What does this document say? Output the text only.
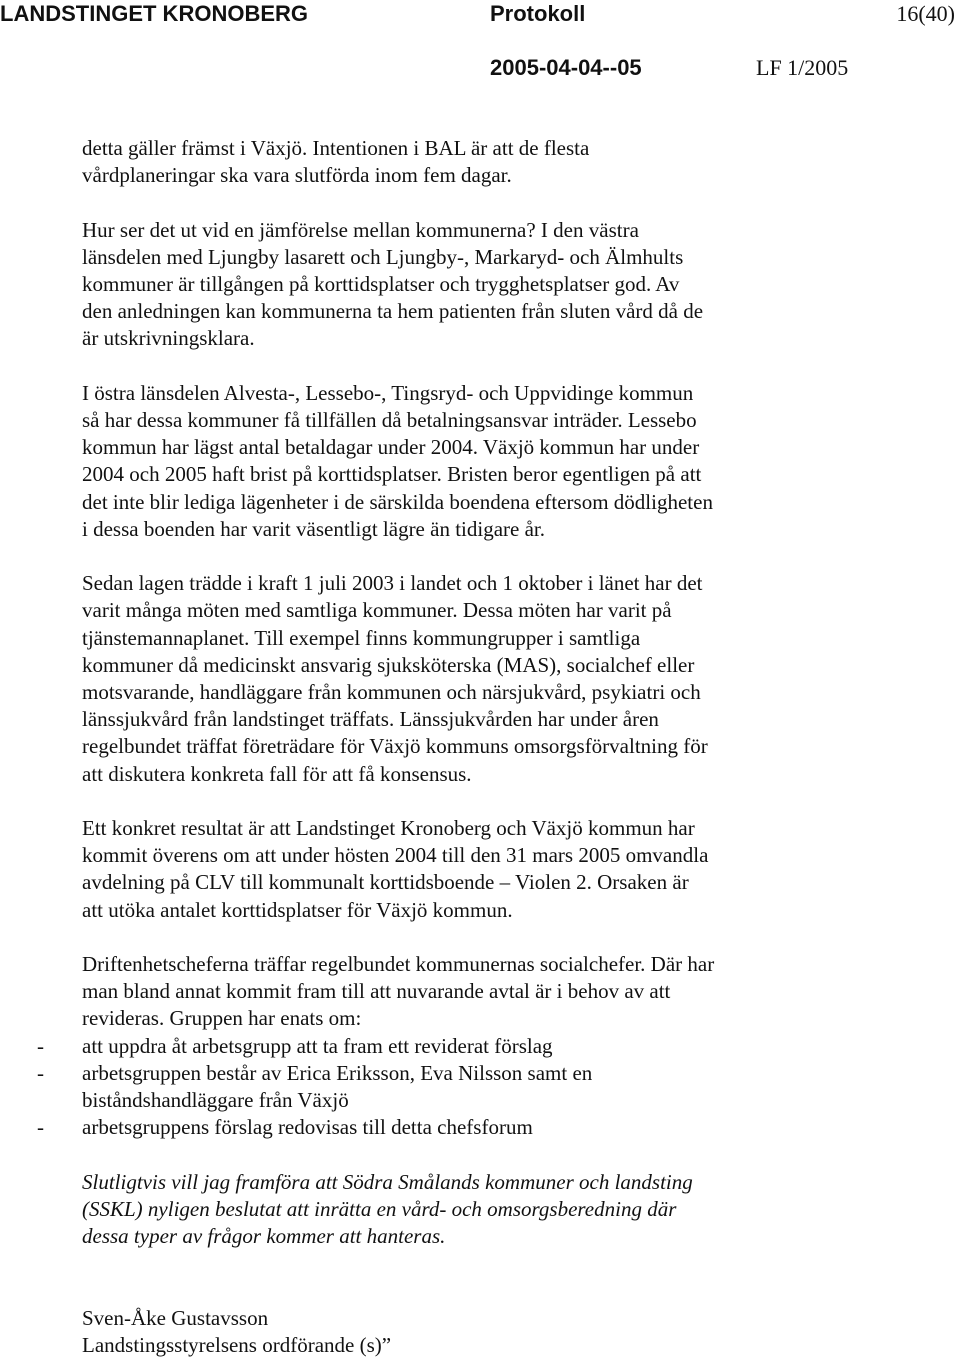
LANDSTINGET KRONOBERG	Protokoll	16(40)
2005-04-04--05	LF 1/2005

detta gäller främst i Växjö. Intentionen i BAL är att de flesta
vårdplaneringar ska vara slutförda inom fem dagar.

Hur ser det ut vid en jämförelse mellan kommunerna? I den västra
länsdelen med Ljungby lasarett och Ljungby-, Markaryd- och Älmhults
kommuner är tillgången på korttidsplatser och trygghetsplatser god. Av
den anledningen kan kommunerna ta hem patienten från sluten vård då de
är utskrivningsklara.

I östra länsdelen Alvesta-, Lessebo-, Tingsryd- och Uppvidinge kommun
så har dessa kommuner få tillfällen då betalningsansvar inträder. Lessebo
kommun har lägst antal betaldagar under 2004. Växjö kommun har under
2004 och 2005 haft brist på korttidsplatser. Bristen beror egentligen på att
det inte blir lediga lägenheter i de särskilda boendena eftersom dödligheten
i dessa boenden har varit väsentligt lägre än tidigare år.

Sedan lagen trädde i kraft 1 juli 2003 i landet och 1 oktober i länet har det
varit många möten med samtliga kommuner. Dessa möten har varit på
tjänstemannaplanet. Till exempel finns kommungrupper i samtliga
kommuner då medicinskt ansvarig sjuksköterska (MAS), socialchef eller
motsvarande, handläggare från kommunen och närsjukvård, psykiatri och
länssjukvård från landstinget träffats. Länssjukvården har under åren
regelbundet träffat företrädare för Växjö kommuns omsorgsförvaltning för
att diskutera konkreta fall för att få konsensus.

Ett konkret resultat är att Landstinget Kronoberg och Växjö kommun har
kommit överens om att under hösten 2004 till den 31 mars 2005 omvandla
avdelning på CLV till kommunalt korttidsboende – Violen 2. Orsaken är
att utöka antalet korttidsplatser för Växjö kommun.

Driftenhetscheferna träffar regelbundet kommunernas socialchefer. Där har
man bland annat kommit fram till att nuvarande avtal är i behov av att
revideras. Gruppen har enats om:
- att uppdra åt arbetsgrupp att ta fram ett reviderat förslag
- arbetsgruppen består av Erica Eriksson, Eva Nilsson samt en
biståndshandläggare från Växjö
- arbetsgruppens förslag redovisas till detta chefsforum
Slutligtvis vill jag framföra att Södra Smålands kommuner och landsting
(SSKL) nyligen beslutat att inrätta en vård- och omsorgsberedning där
dessa typer av frågor kommer att hanteras.
Sven-Åke Gustavsson
Landstingsstyrelsens ordförande (s)”
